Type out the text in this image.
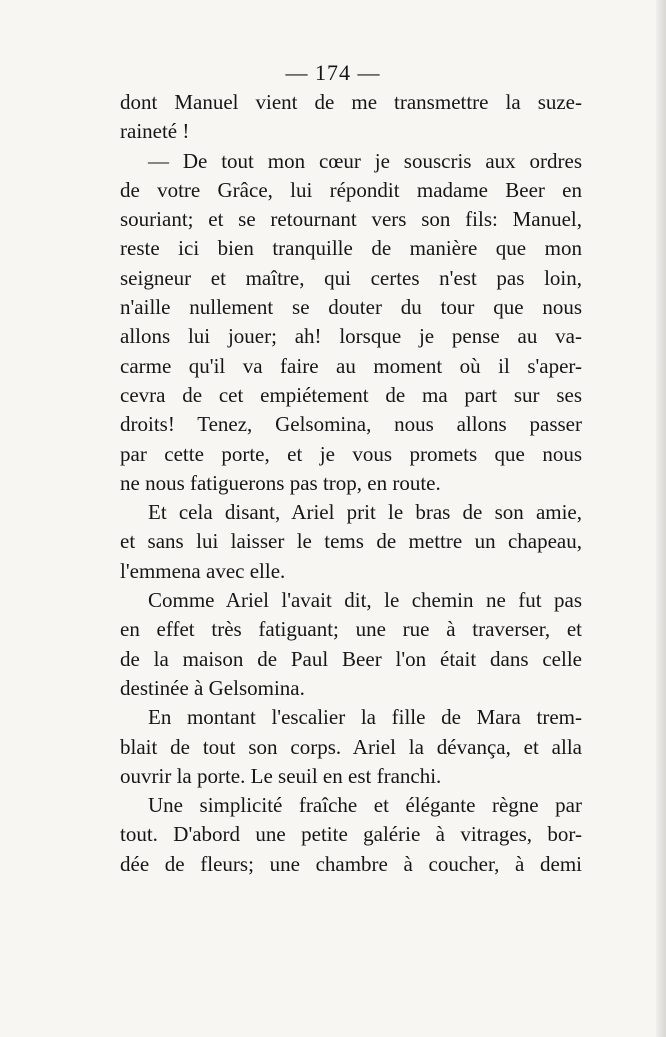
— 174 —
dont Manuel vient de me transmettre la suze-
raineté !
— De tout mon cœur je souscris aux ordres
de votre Grâce, lui répondit madame Beer en
souriant; et se retournant vers son fils: Manuel,
reste ici bien tranquille de manière que mon
seigneur et maître, qui certes n'est pas loin,
n'aille nullement se douter du tour que nous
allons lui jouer; ah! lorsque je pense au va-
carme qu'il va faire au moment où il s'aper-
cevra de cet empiétement de ma part sur ses
droits! Tenez, Gelsomina, nous allons passer
par cette porte, et je vous promets que nous
ne nous fatiguerons pas trop, en route.
Et cela disant, Ariel prit le bras de son amie,
et sans lui laisser le tems de mettre un chapeau,
l'emmena avec elle.
Comme Ariel l'avait dit, le chemin ne fut pas
en effet très fatiguant; une rue à traverser, et
de la maison de Paul Beer l'on était dans celle
destinée à Gelsomina.
En montant l'escalier la fille de Mara trem-
blait de tout son corps. Ariel la dévança, et alla
ouvrir la porte. Le seuil en est franchi.
Une simplicité fraîche et élégante règne par
tout. D'abord une petite galérie à vitrages, bor-
dée de fleurs; une chambre à coucher, à demi
